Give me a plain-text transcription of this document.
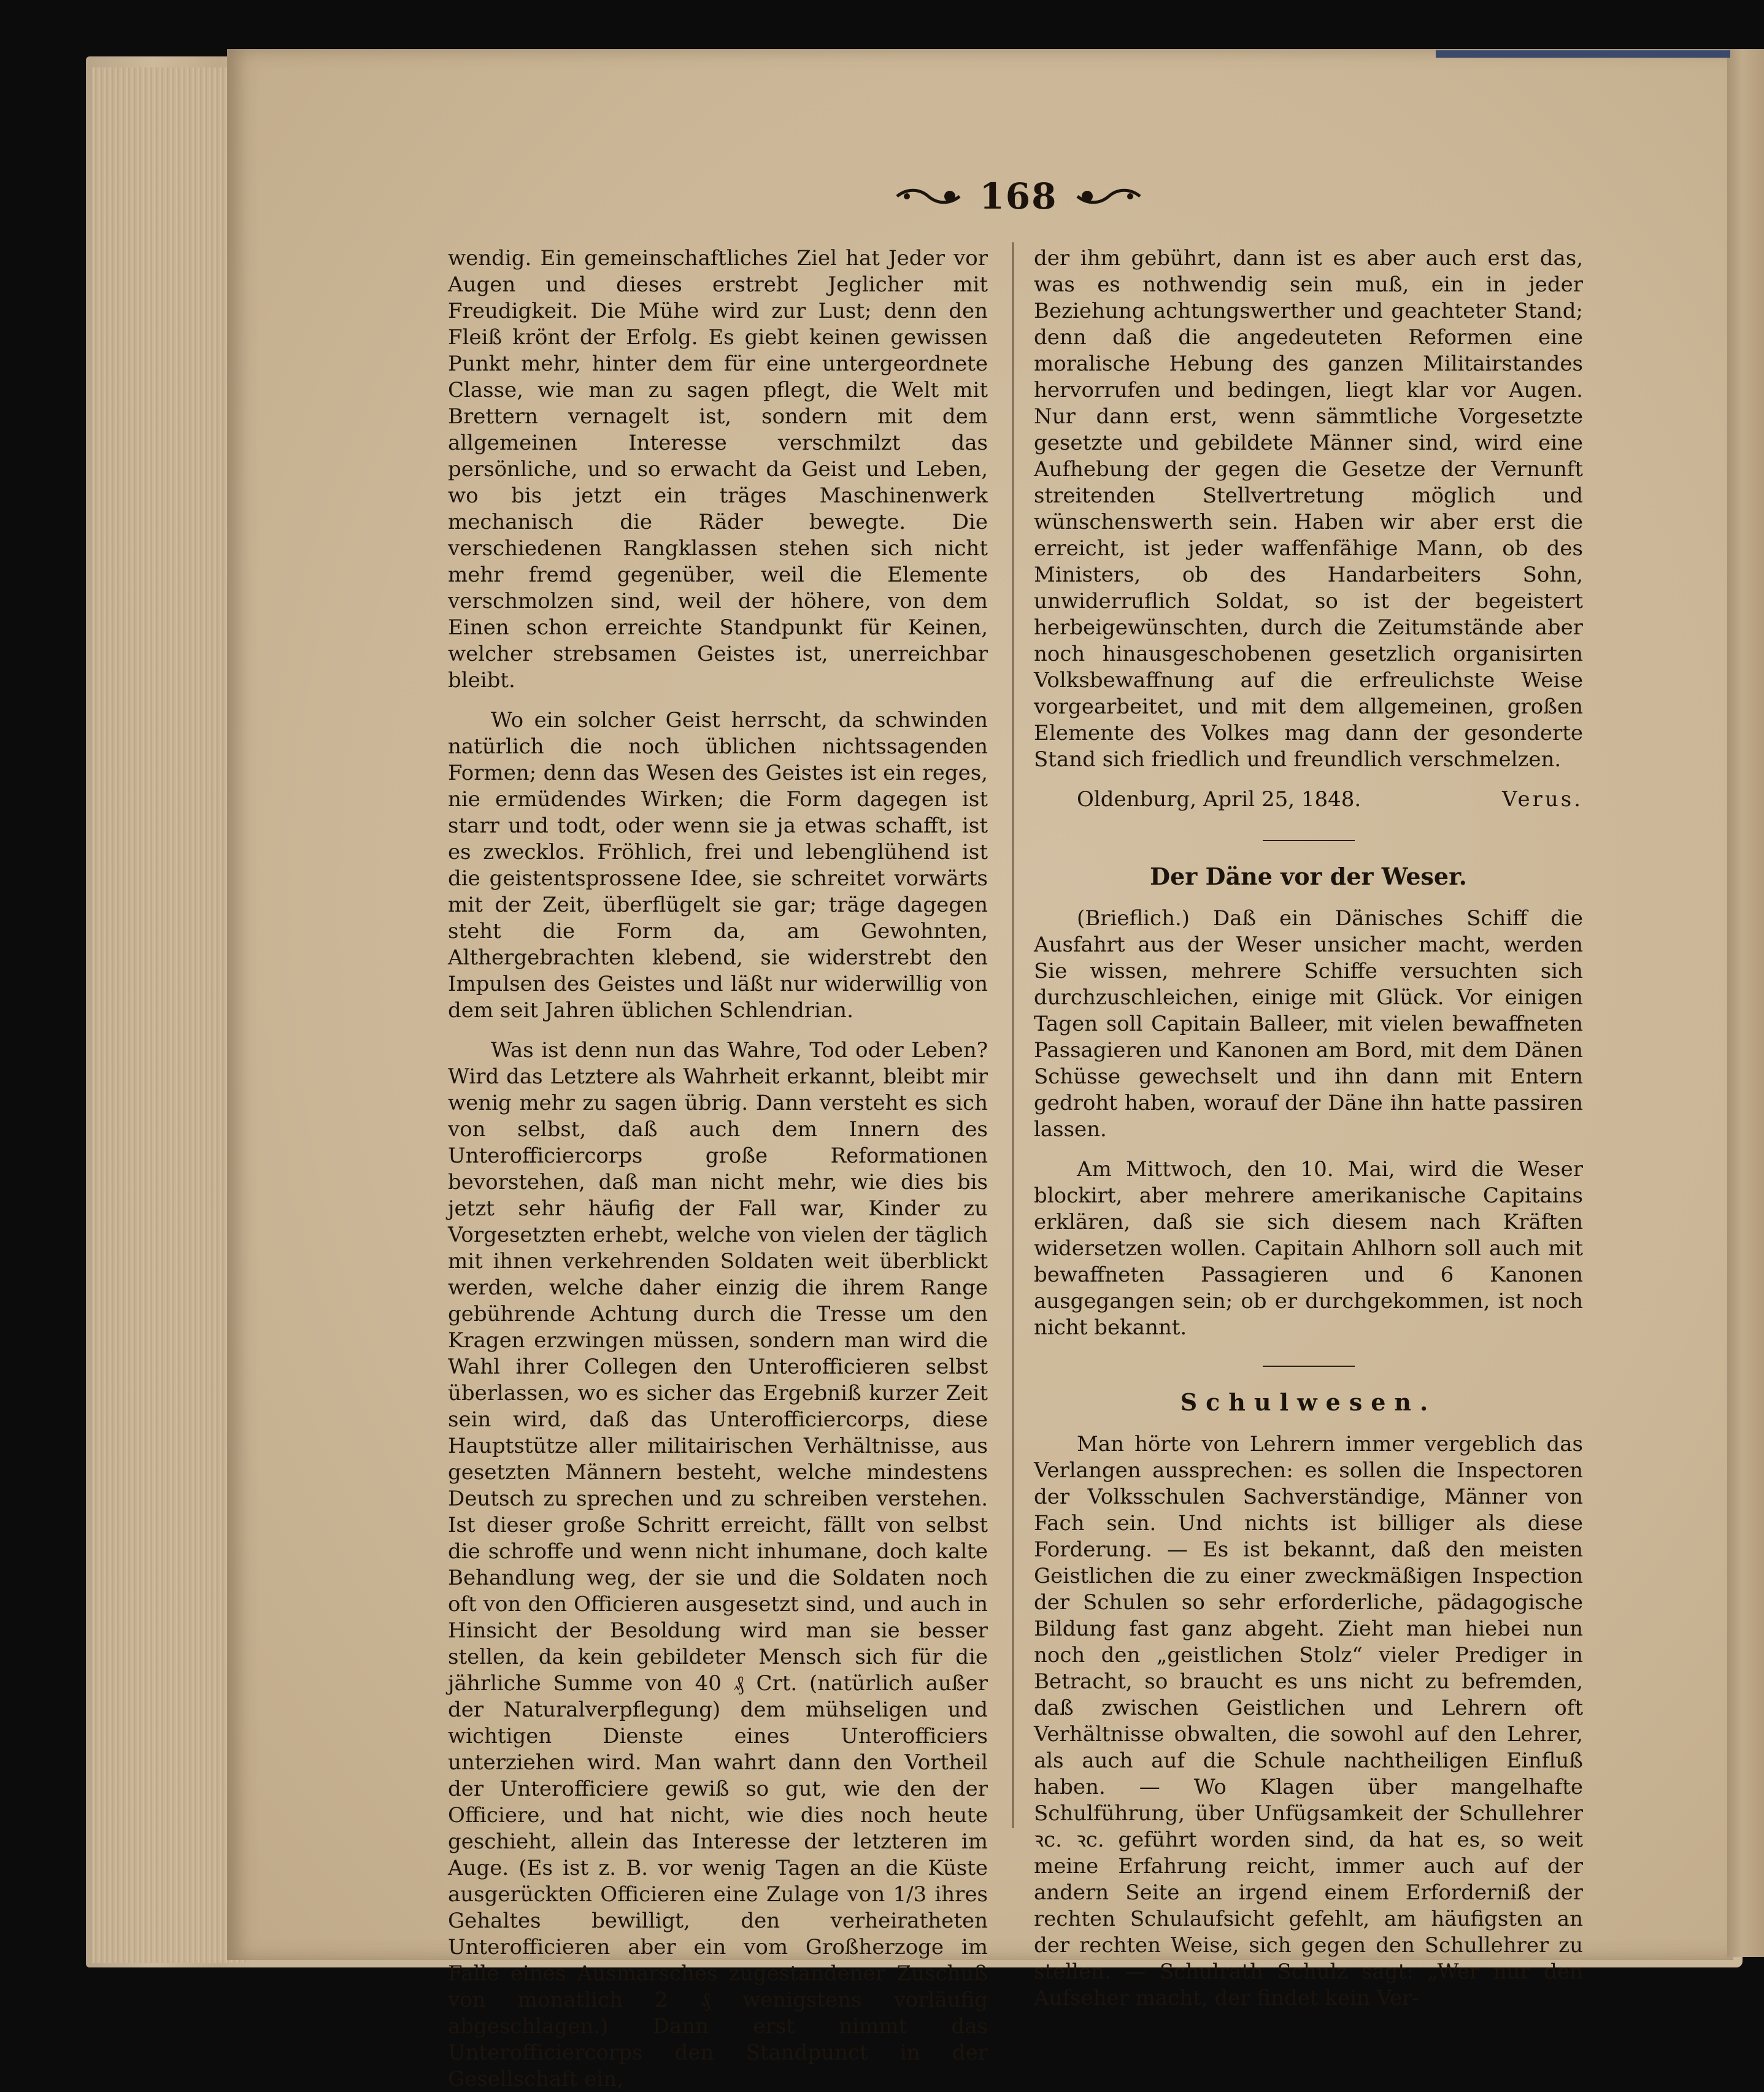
168

wendig. Ein gemeinschaftliches Ziel hat Jeder vor Augen und dieses erstrebt Jeglicher mit Freudigkeit. Die Mühe wird zur Lust; denn den Fleiß krönt der Erfolg. Es giebt keinen gewissen Punkt mehr, hinter dem für eine untergeordnete Classe, wie man zu sagen pflegt, die Welt mit Brettern vernagelt ist, sondern mit dem allgemeinen Interesse verschmilzt das persönliche, und so erwacht da Geist und Leben, wo bis jetzt ein träges Maschinenwerk mechanisch die Räder bewegte. Die verschiedenen Rangklassen stehen sich nicht mehr fremd gegenüber, weil die Elemente verschmolzen sind, weil der höhere, von dem Einen schon erreichte Standpunkt für Keinen, welcher strebsamen Geistes ist, unerreichbar bleibt.

Wo ein solcher Geist herrscht, da schwinden natürlich die noch üblichen nichtssagenden Formen; denn das Wesen des Geistes ist ein reges, nie ermüdendes Wirken; die Form dagegen ist starr und todt, oder wenn sie ja etwas schafft, ist es zwecklos. Fröhlich, frei und lebenglühend ist die geistentsprossene Idee, sie schreitet vorwärts mit der Zeit, überflügelt sie gar; träge dagegen steht die Form da, am Gewohnten, Althergebrachten klebend, sie widerstrebt den Impulsen des Geistes und läßt nur widerwillig von dem seit Jahren üblichen Schlendrian.

Was ist denn nun das Wahre, Tod oder Leben? Wird das Letztere als Wahrheit erkannt, bleibt mir wenig mehr zu sagen übrig. Dann versteht es sich von selbst, daß auch dem Innern des Unterofficiercorps große Reformationen bevorstehen, daß man nicht mehr, wie dies bis jetzt sehr häufig der Fall war, Kinder zu Vorgesetzten erhebt, welche von vielen der täglich mit ihnen verkehrenden Soldaten weit überblickt werden, welche daher einzig die ihrem Range gebührende Achtung durch die Tresse um den Kragen erzwingen müssen, sondern man wird die Wahl ihrer Collegen den Unterofficieren selbst überlassen, wo es sicher das Ergebniß kurzer Zeit sein wird, daß das Unterofficiercorps, diese Hauptstütze aller militairischen Verhältnisse, aus gesetzten Männern besteht, welche mindestens Deutsch zu sprechen und zu schreiben verstehen. Ist dieser große Schritt erreicht, fällt von selbst die schroffe und wenn nicht inhumane, doch kalte Behandlung weg, der sie und die Soldaten noch oft von den Officieren ausgesetzt sind, und auch in Hinsicht der Besoldung wird man sie besser stellen, da kein gebildeter Mensch sich für die jährliche Summe von 40 ₰ Crt. (natürlich außer der Naturalverpflegung) dem mühseligen und wichtigen Dienste eines Unterofficiers unterziehen wird. Man wahrt dann den Vortheil der Unterofficiere gewiß so gut, wie den der Officiere, und hat nicht, wie dies noch heute geschieht, allein das Interesse der letzteren im Auge. (Es ist z. B. vor wenig Tagen an die Küste ausgerückten Officieren eine Zulage von 1/3 ihres Gehaltes bewilligt, den verheiratheten Unterofficieren aber ein vom Großherzoge im Falle eines Ausmarsches zugestandener Zuschuß von monatlich 2 ₰ wenigstens vorläufig abgeschlagen.) Dann erst nimmt das Unterofficiercorps den Standpunct in der Gesellschaft ein,

der ihm gebührt, dann ist es aber auch erst das, was es nothwendig sein muß, ein in jeder Beziehung achtungswerther und geachteter Stand; denn daß die angedeuteten Reformen eine moralische Hebung des ganzen Militairstandes hervorrufen und bedingen, liegt klar vor Augen. Nur dann erst, wenn sämmtliche Vorgesetzte gesetzte und gebildete Männer sind, wird eine Aufhebung der gegen die Gesetze der Vernunft streitenden Stellvertretung möglich und wünschenswerth sein. Haben wir aber erst die erreicht, ist jeder waffenfähige Mann, ob des Ministers, ob des Handarbeiters Sohn, unwiderruflich Soldat, so ist der begeistert herbeigewünschten, durch die Zeitumstände aber noch hinausgeschobenen gesetzlich organisirten Volksbewaffnung auf die erfreulichste Weise vorgearbeitet, und mit dem allgemeinen, großen Elemente des Volkes mag dann der gesonderte Stand sich friedlich und freundlich verschmelzen.

Oldenburg, April 25, 1848.	Verus.
Der Däne vor der Weser.

(Brieflich.) Daß ein Dänisches Schiff die Ausfahrt aus der Weser unsicher macht, werden Sie wissen, mehrere Schiffe versuchten sich durchzuschleichen, einige mit Glück. Vor einigen Tagen soll Capitain Balleer, mit vielen bewaffneten Passagieren und Kanonen am Bord, mit dem Dänen Schüsse gewechselt und ihn dann mit Entern gedroht haben, worauf der Däne ihn hatte passiren lassen.

Am Mittwoch, den 10. Mai, wird die Weser blockirt, aber mehrere amerikanische Capitains erklären, daß sie sich diesem nach Kräften widersetzen wollen. Capitain Ahlhorn soll auch mit bewaffneten Passagieren und 6 Kanonen ausgegangen sein; ob er durchgekommen, ist noch nicht bekannt.

Schulwesen.

Man hörte von Lehrern immer vergeblich das Verlangen aussprechen: es sollen die Inspectoren der Volksschulen Sachverständige, Männer von Fach sein. Und nichts ist billiger als diese Forderung. — Es ist bekannt, daß den meisten Geistlichen die zu einer zweckmäßigen Inspection der Schulen so sehr erforderliche, pädagogische Bildung fast ganz abgeht. Zieht man hiebei nun noch den „geistlichen Stolz“ vieler Prediger in Betracht, so braucht es uns nicht zu befremden, daß zwischen Geistlichen und Lehrern oft Verhältnisse obwalten, die sowohl auf den Lehrer, als auch auf die Schule nachtheiligen Einfluß haben. — Wo Klagen über mangelhafte Schulführung, über Unfügsamkeit der Schullehrer ꝛc. ꝛc. geführt worden sind, da hat es, so weit meine Erfahrung reicht, immer auch auf der andern Seite an irgend einem Erforderniß der rechten Schulaufsicht gefehlt, am häufigsten an der rechten Weise, sich gegen den Schullehrer zu stellen. — Schulrath Schulz sagt: „Wer nur den Aufseher macht, der findet kein Ver-
